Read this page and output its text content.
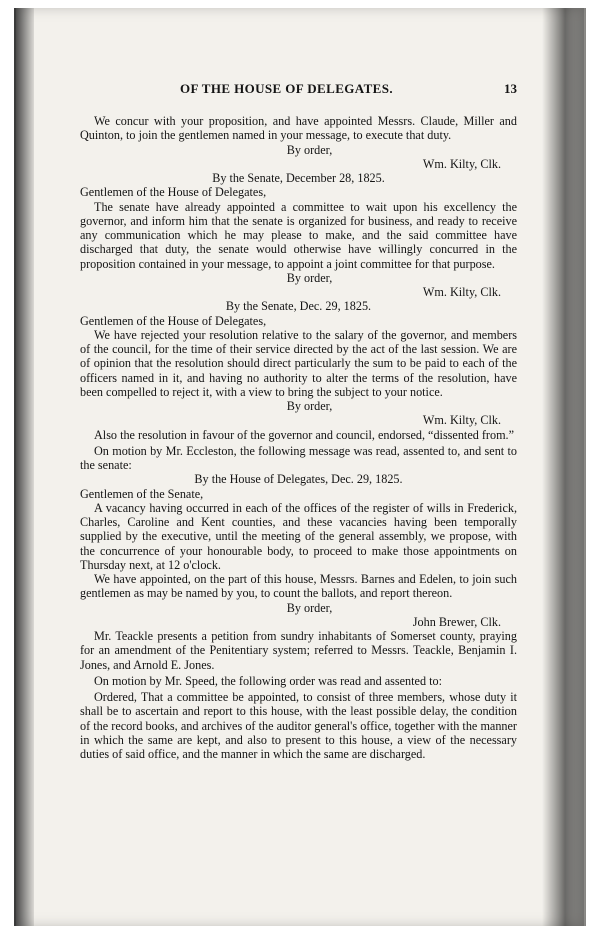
OF THE HOUSE OF DELEGATES.	13

We concur with your proposition, and have appointed Messrs. Claude, Miller and Quinton, to join the gentlemen named in your message, to execute that duty.

By order,

Wm. Kilty, Clk.

By the Senate, December 28, 1825.

Gentlemen of the House of Delegates,

The senate have already appointed a committee to wait upon his excellency the governor, and inform him that the senate is organized for business, and ready to receive any communication which he may please to make, and the said committee have discharged that duty, the senate would otherwise have willingly concurred in the proposition contained in your message, to appoint a joint committee for that purpose.

By order,

Wm. Kilty, Clk.

By the Senate, Dec. 29, 1825.

Gentlemen of the House of Delegates,

We have rejected your resolution relative to the salary of the governor, and members of the council, for the time of their service directed by the act of the last session. We are of opinion that the resolution should direct particularly the sum to be paid to each of the officers named in it, and having no authority to alter the terms of the resolution, have been compelled to reject it, with a view to bring the subject to your notice.

By order,

Wm. Kilty, Clk.

Also the resolution in favour of the governor and council, endorsed, “dissented from.”

On motion by Mr. Eccleston, the following message was read, assented to, and sent to the senate:

By the House of Delegates, Dec. 29, 1825.

Gentlemen of the Senate,

A vacancy having occurred in each of the offices of the register of wills in Frederick, Charles, Caroline and Kent counties, and these vacancies having been temporally supplied by the executive, until the meeting of the general assembly, we propose, with the concurrence of your honourable body, to proceed to make those appointments on Thursday next, at 12 o'clock.

We have appointed, on the part of this house, Messrs. Barnes and Edelen, to join such gentlemen as may be named by you, to count the ballots, and report thereon.

By order,

John Brewer, Clk.

Mr. Teackle presents a petition from sundry inhabitants of Somerset county, praying for an amendment of the Penitentiary system; referred to Messrs. Teackle, Benjamin I. Jones, and Arnold E. Jones.

On motion by Mr. Speed, the following order was read and assented to:

Ordered, That a committee be appointed, to consist of three members, whose duty it shall be to ascertain and report to this house, with the least possible delay, the condition of the record books, and archives of the auditor general's office, together with the manner in which the same are kept, and also to present to this house, a view of the necessary duties of said office, and the manner in which the same are discharged.
